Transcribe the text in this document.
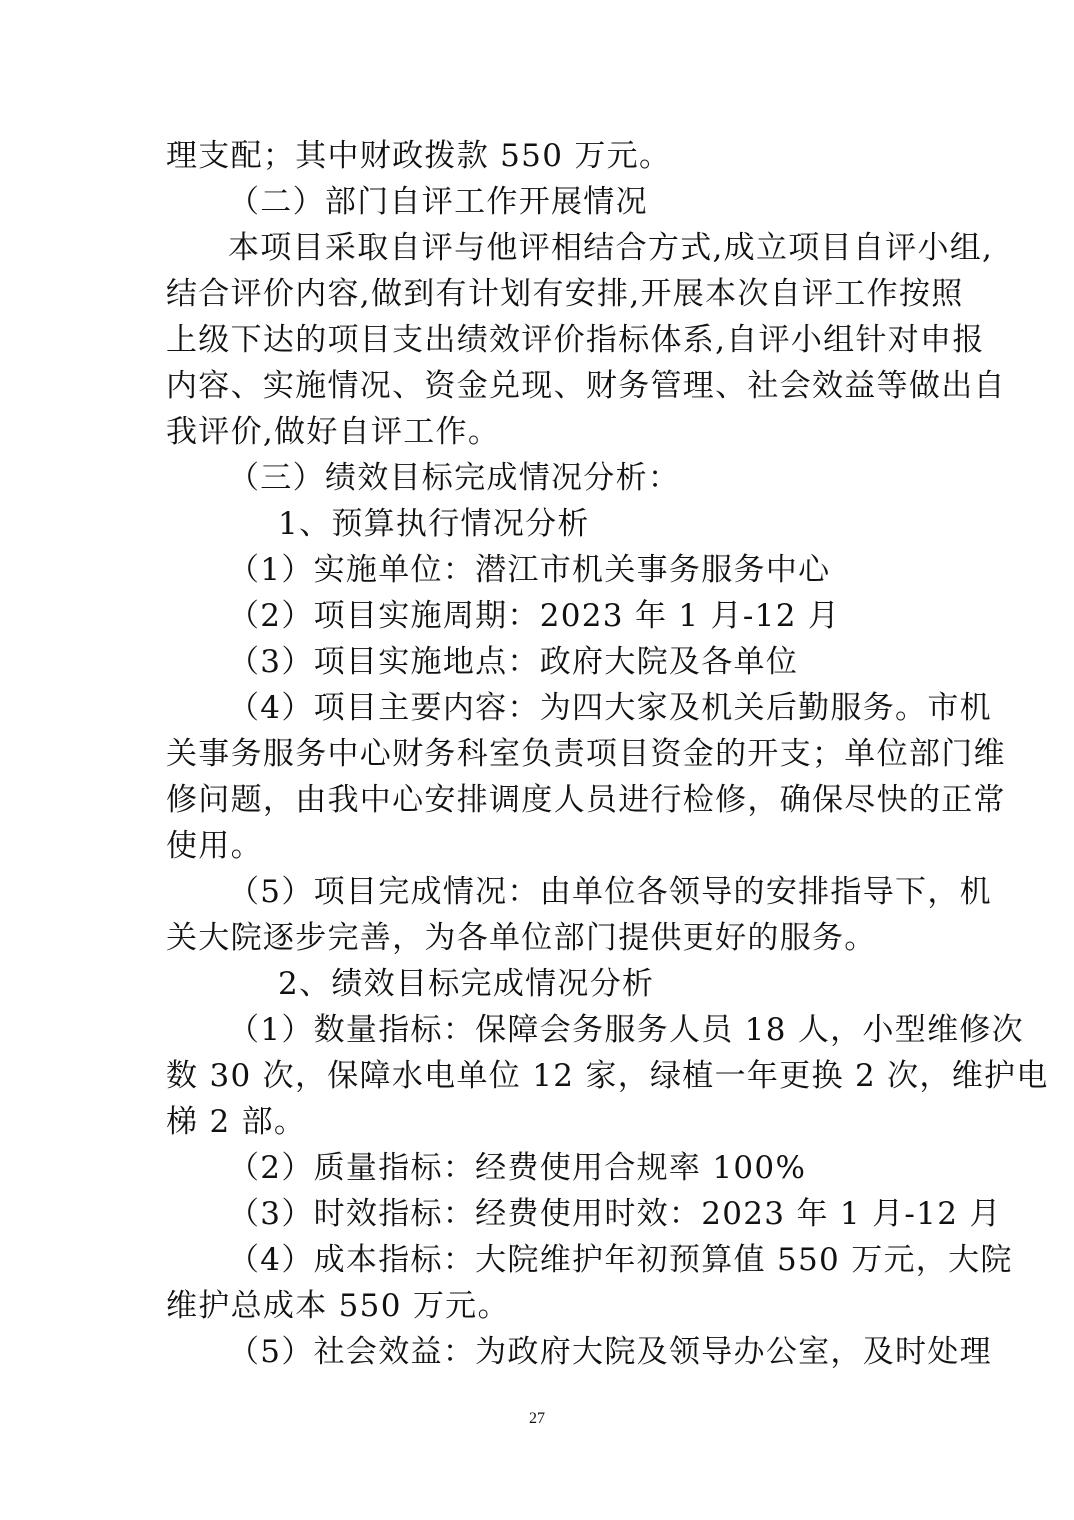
理支配；其中财政拨款 550 万元。
（二）部门自评工作开展情况
本项目采取自评与他评相结合方式,成立项目自评小组,
结合评价内容,做到有计划有安排,开展本次自评工作按照
上级下达的项目支出绩效评价指标体系,自评小组针对申报
内容、实施情况、资金兑现、财务管理、社会效益等做出自
我评价,做好自评工作。
（三）绩效目标完成情况分析：
1、预算执行情况分析
（1）实施单位：潜江市机关事务服务中心
（2）项目实施周期：2023 年 1 月-12 月
（3）项目实施地点：政府大院及各单位
（4）项目主要内容：为四大家及机关后勤服务。市机
关事务服务中心财务科室负责项目资金的开支；单位部门维
修问题，由我中心安排调度人员进行检修，确保尽快的正常
使用。
（5）项目完成情况：由单位各领导的安排指导下，机
关大院逐步完善，为各单位部门提供更好的服务。
2、绩效目标完成情况分析
（1）数量指标：保障会务服务人员 18 人，小型维修次
数 30 次，保障水电单位 12 家，绿植一年更换 2 次，维护电
梯 2 部。
（2）质量指标：经费使用合规率 100%
（3）时效指标：经费使用时效：2023 年 1 月-12 月
（4）成本指标：大院维护年初预算值 550 万元，大院
维护总成本 550 万元。
（5）社会效益：为政府大院及领导办公室，及时处理
27
